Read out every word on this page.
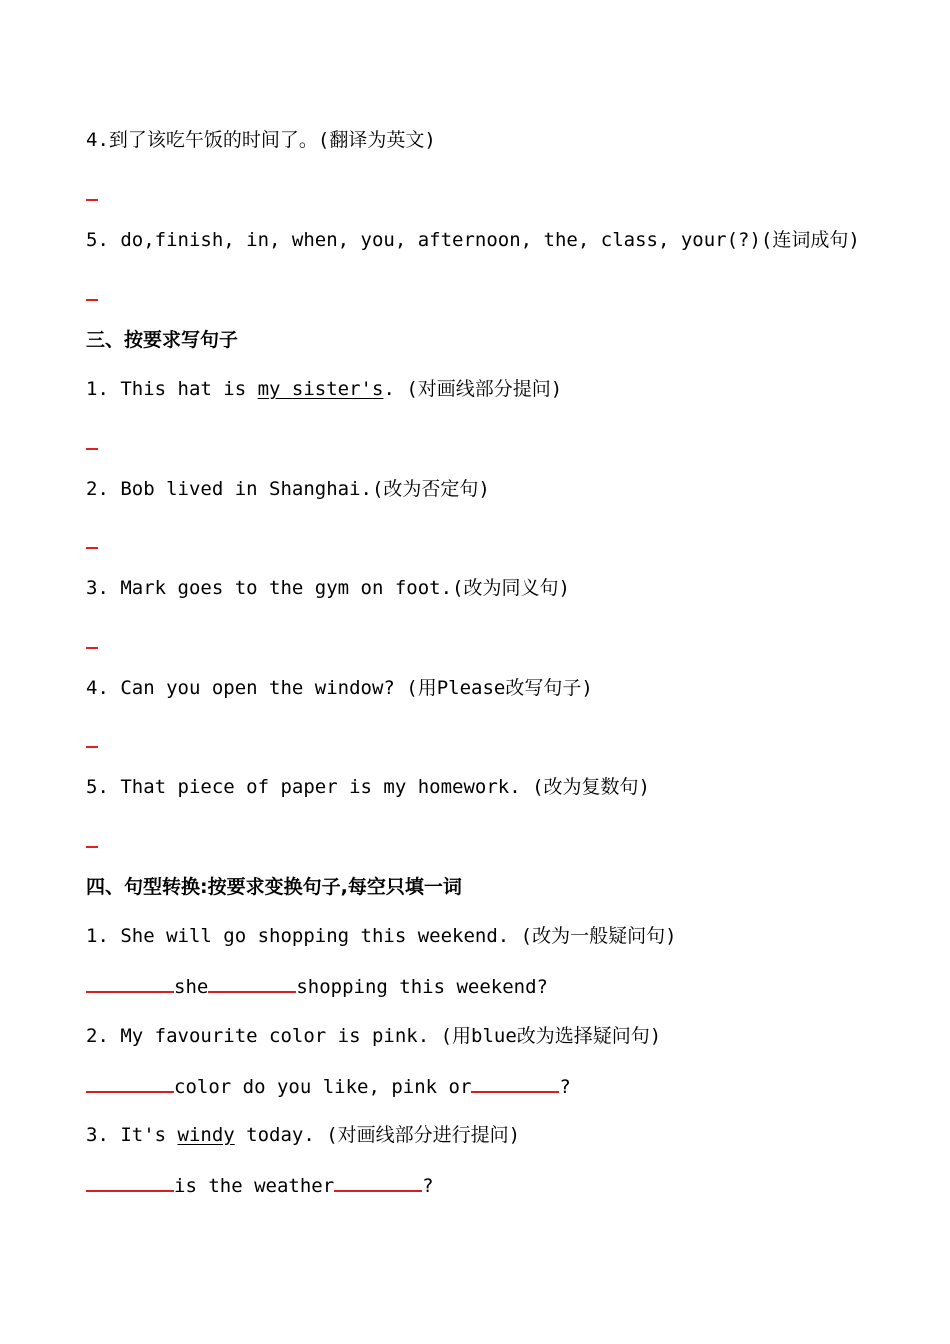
4.到了该吃午饭的时间了。(翻译为英文)
5. do,finish, in, when, you, afternoon, the, class, your(?)(连词成句)
三、按要求写句子
1. This hat is my sister's. (对画线部分提问)
2. Bob lived in Shanghai.(改为否定句)
3. Mark goes to the gym on foot.(改为同义句)
4. Can you open the window? (用Please改写句子)
5. That piece of paper is my homework. (改为复数句)
四、句型转换:按要求变换句子,每空只填一词
1. She will go shopping this weekend. (改为一般疑问句)
she	shopping this weekend?
2. My favourite color is pink. (用blue改为选择疑问句)
color do you like, pink or	?
3. It's windy today. (对画线部分进行提问)
is the weather	?
